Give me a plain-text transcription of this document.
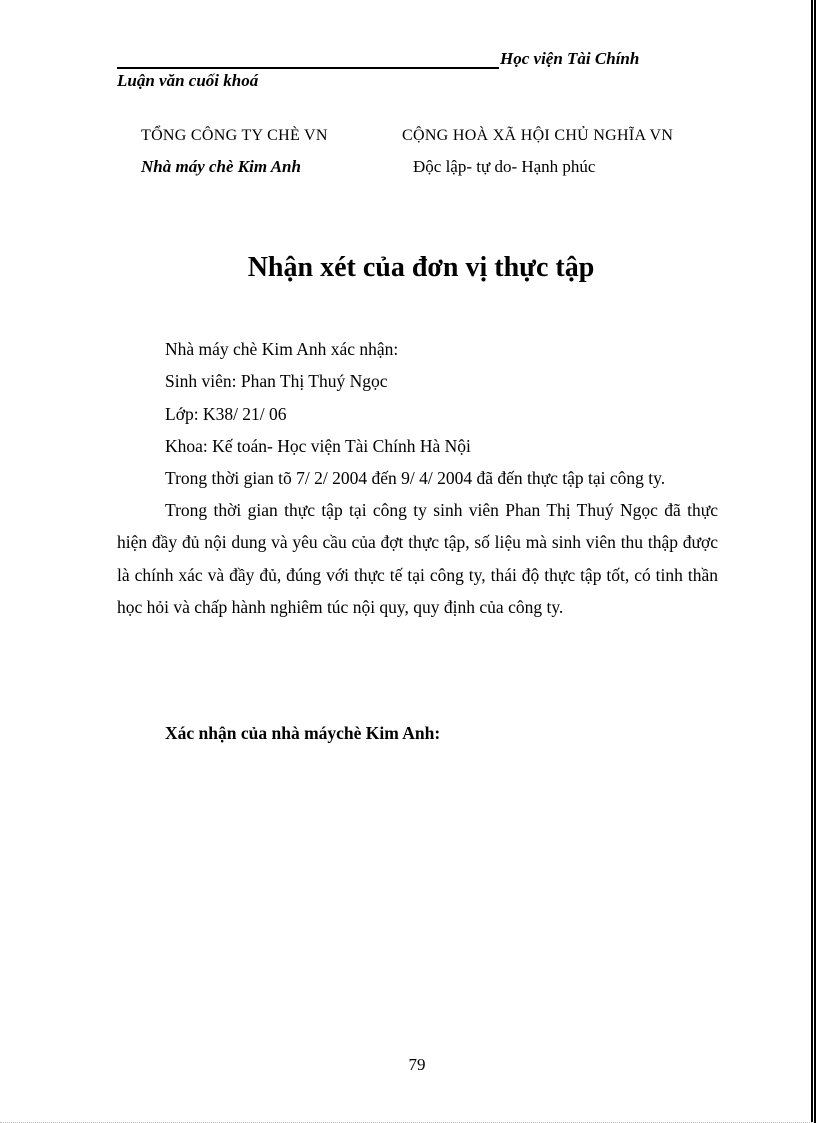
Học viện Tài Chính
Luận văn cuối khoá
TỔNG CÔNG TY CHÈ VN
Nhà máy chè Kim Anh
CỘNG HOÀ XÃ HỘI CHỦ NGHĨA VN
Độc lập- tự do- Hạnh phúc
Nhận xét của đơn vị thực tập
Nhà máy chè Kim Anh xác nhận:
Sinh viên: Phan Thị Thuý Ngọc
Lớp: K38/ 21/ 06
Khoa: Kế toán- Học viện Tài Chính Hà Nội
Trong thời gian tõ 7/ 2/ 2004 đến 9/ 4/ 2004 đã đến thực tập tại công ty.

Trong thời gian thực tập tại công ty sinh viên Phan Thị Thuý Ngọc đã thực hiện đầy đủ nội dung và yêu cầu của đợt thực tập, số liệu mà sinh viên thu thập được là chính xác và đầy đủ, đúng với thực tế tại công ty, thái độ thực tập tốt, có tinh thần học hỏi và chấp hành nghiêm túc nội quy, quy định của công ty.

Xác nhận của nhà máychè Kim Anh:
79
